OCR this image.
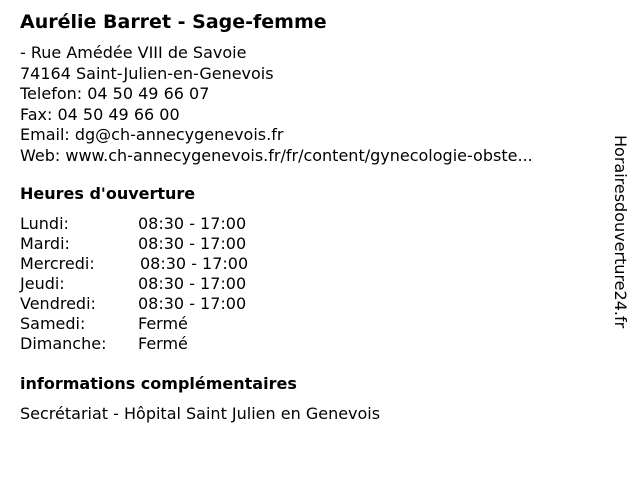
Aurélie Barret - Sage-femme
- Rue Amédée VIII de Savoie
74164 Saint-Julien-en-Genevois
Telefon: 04 50 49 66 07
Fax: 04 50 49 66 00
Email: dg@ch-annecygenevois.fr
Web: www.ch-annecygenevois.fr/fr/content/gynecologie-obste...
Heures d'ouverture
Lundi:	08:30 - 17:00
Mardi:	08:30 - 17:00
Mercredi:	08:30 - 17:00
Jeudi:	08:30 - 17:00
Vendredi:	08:30 - 17:00
Samedi:	Fermé
Dimanche: Fermé
informations complémentaires
Secrétariat - Hôpital Saint Julien en Genevois
Horairesdouverture24.fr
